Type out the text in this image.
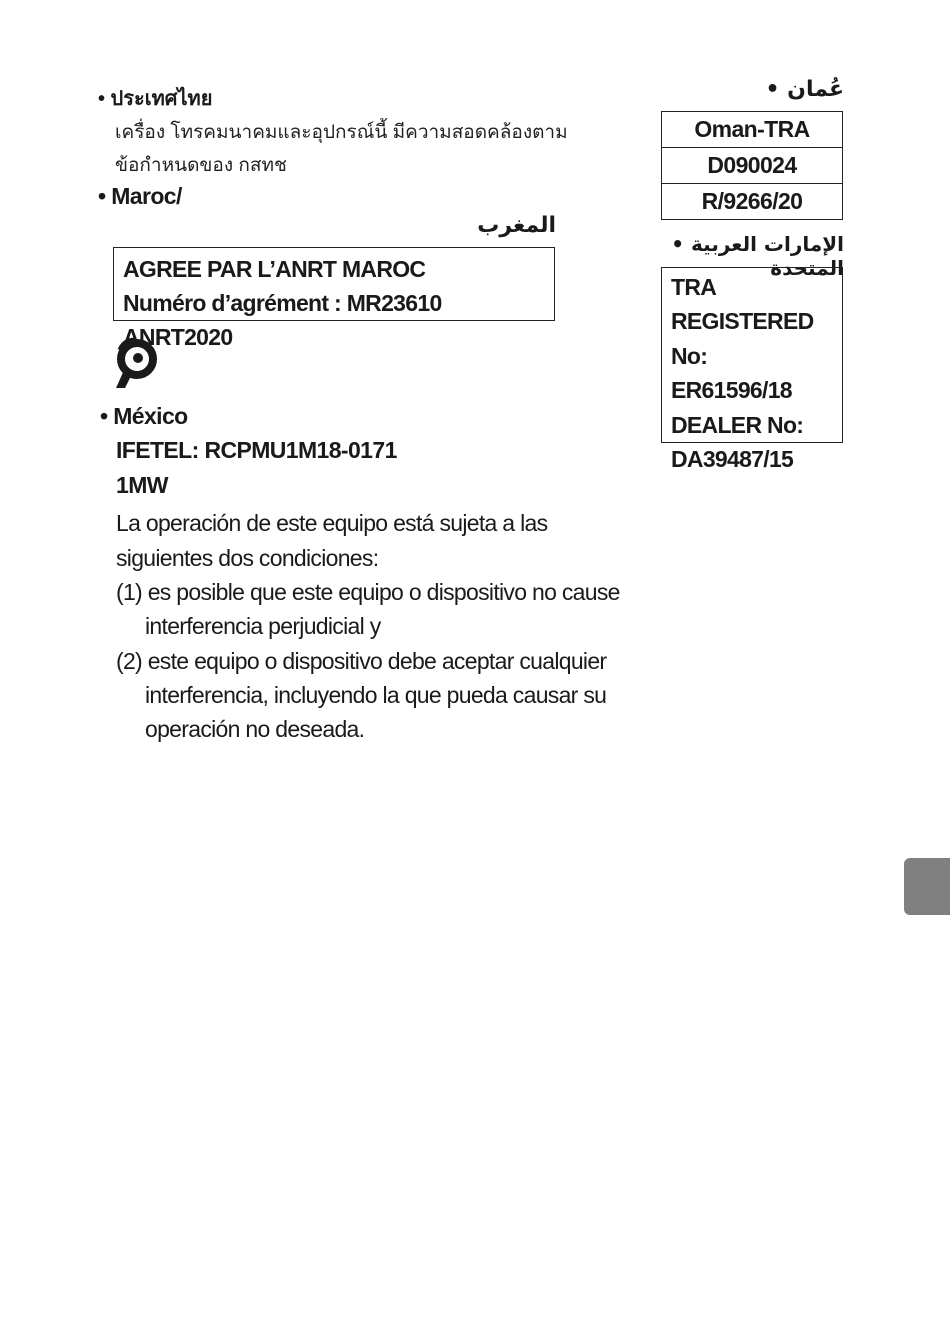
• ประเทศไทย
เครื่อง โทรคมนาคมและอุปกรณ์นี้ มีความสอดคล้องตาม
ข้อกำหนดของ กสทช
• Maroc/
المغرب
AGREE PAR L’ANRT MAROC
Numéro d’agrément : MR23610 ANRT2020
• México
IFETEL: RCPMU1M18-0171
1MW
La operación de este equipo está sujeta a las siguientes dos condiciones:
(1) es posible que este equipo o dispositivo no cause
interferencia perjudicial y
(2) este equipo o dispositivo debe aceptar cualquier
interferencia, incluyendo la que pueda causar su
operación no deseada.
• عُمان
Oman-TRA
D090024
R/9266/20
• الإمارات العربية المتحدة
TRA
REGISTERED No:
ER61596/18
DEALER No:
DA39487/15
